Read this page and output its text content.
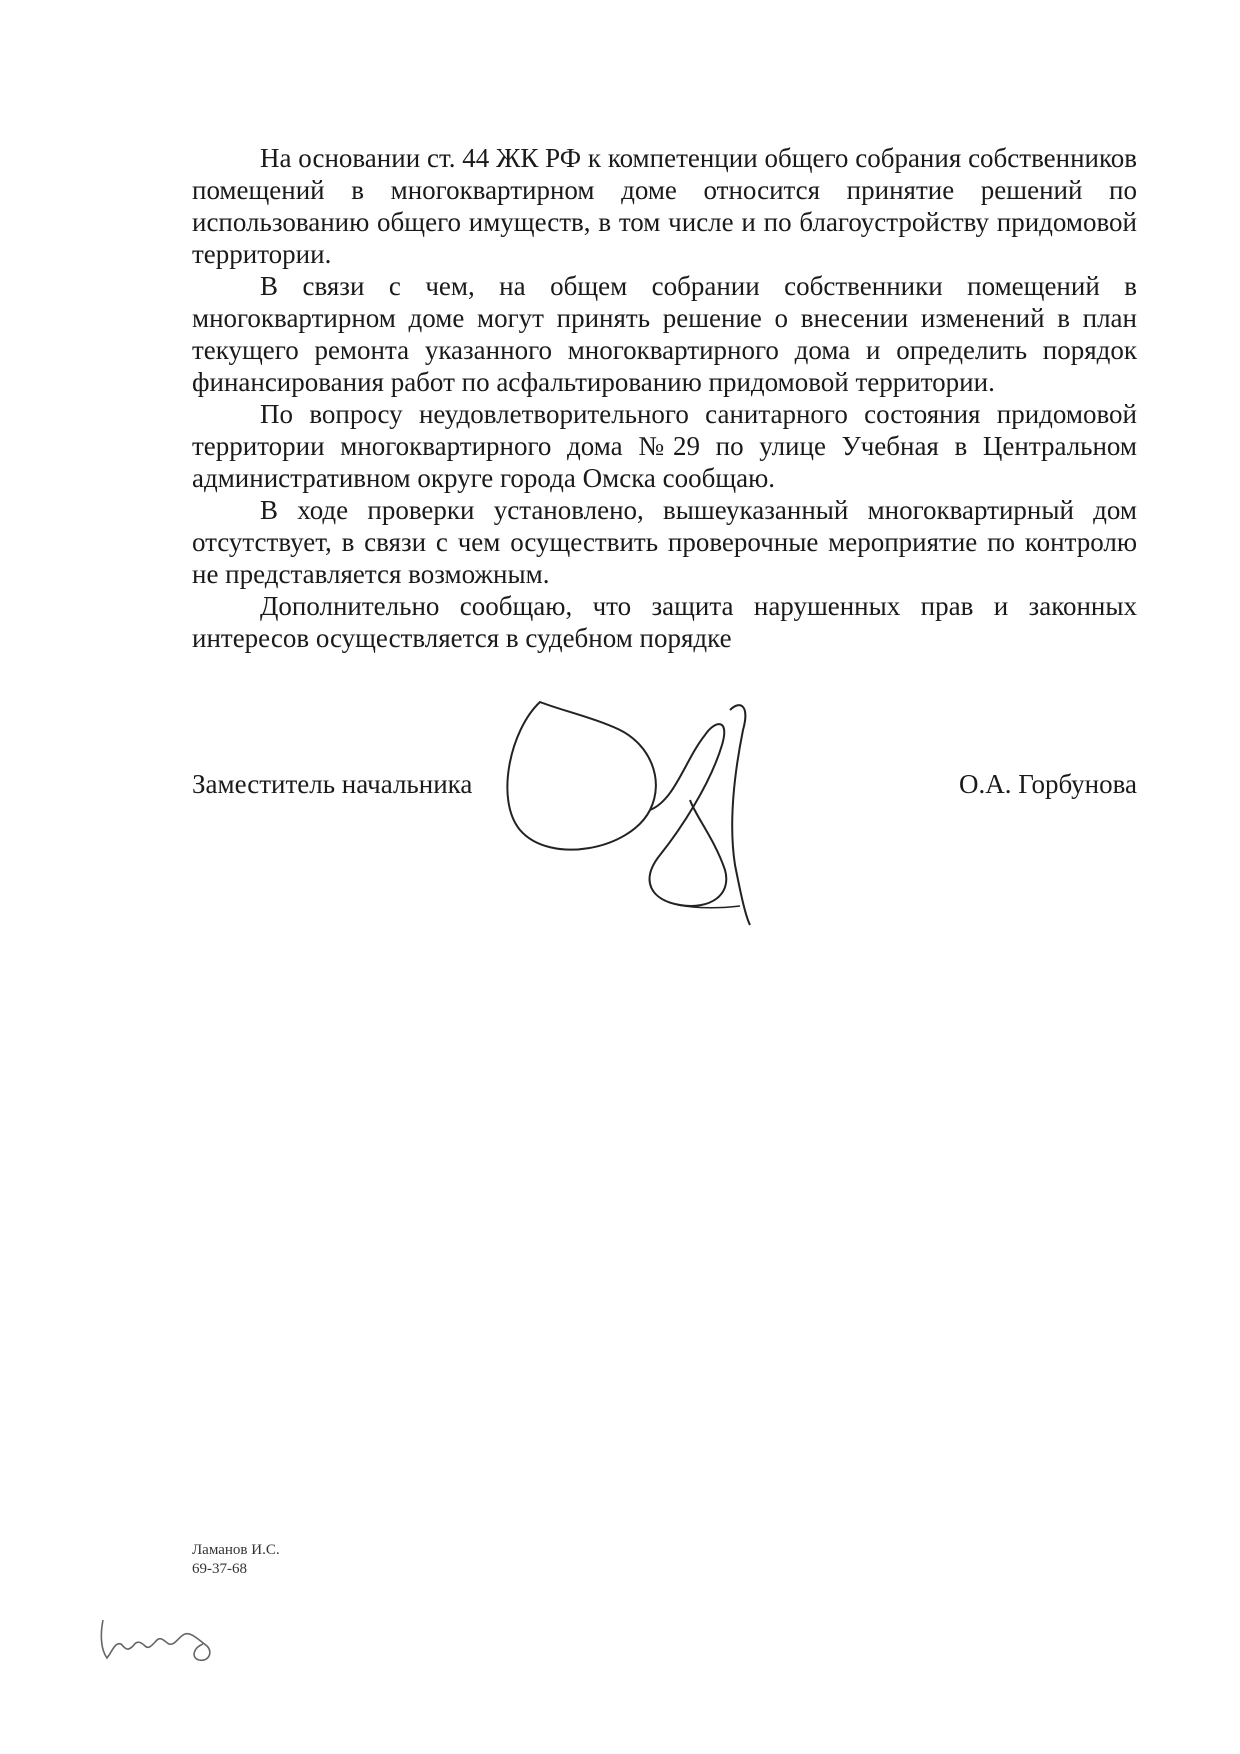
На основании ст. 44 ЖК РФ к компетенции общего собрания собственников помещений в многоквартирном доме относится принятие решений по использованию общего имуществ, в том числе и по благоустройству придомовой территории.

В связи с чем, на общем собрании собственники помещений в многоквартирном доме могут принять решение о внесении изменений в план текущего ремонта указанного многоквартирного дома и определить порядок финансирования работ по асфальтированию придомовой территории.

По вопросу неудовлетворительного санитарного состояния придомовой территории многоквартирного дома №29 по улице Учебная в Центральном административном округе города Омска сообщаю.

В ходе проверки установлено, вышеуказанный многоквартирный дом отсутствует, в связи с чем осуществить проверочные мероприятие по контролю не представляется возможным.

Дополнительно сообщаю, что защита нарушенных прав и законных интересов осуществляется в судебном порядке

Заместитель начальника	О.А. Горбунова
Ламанов И.С.
69-37-68
